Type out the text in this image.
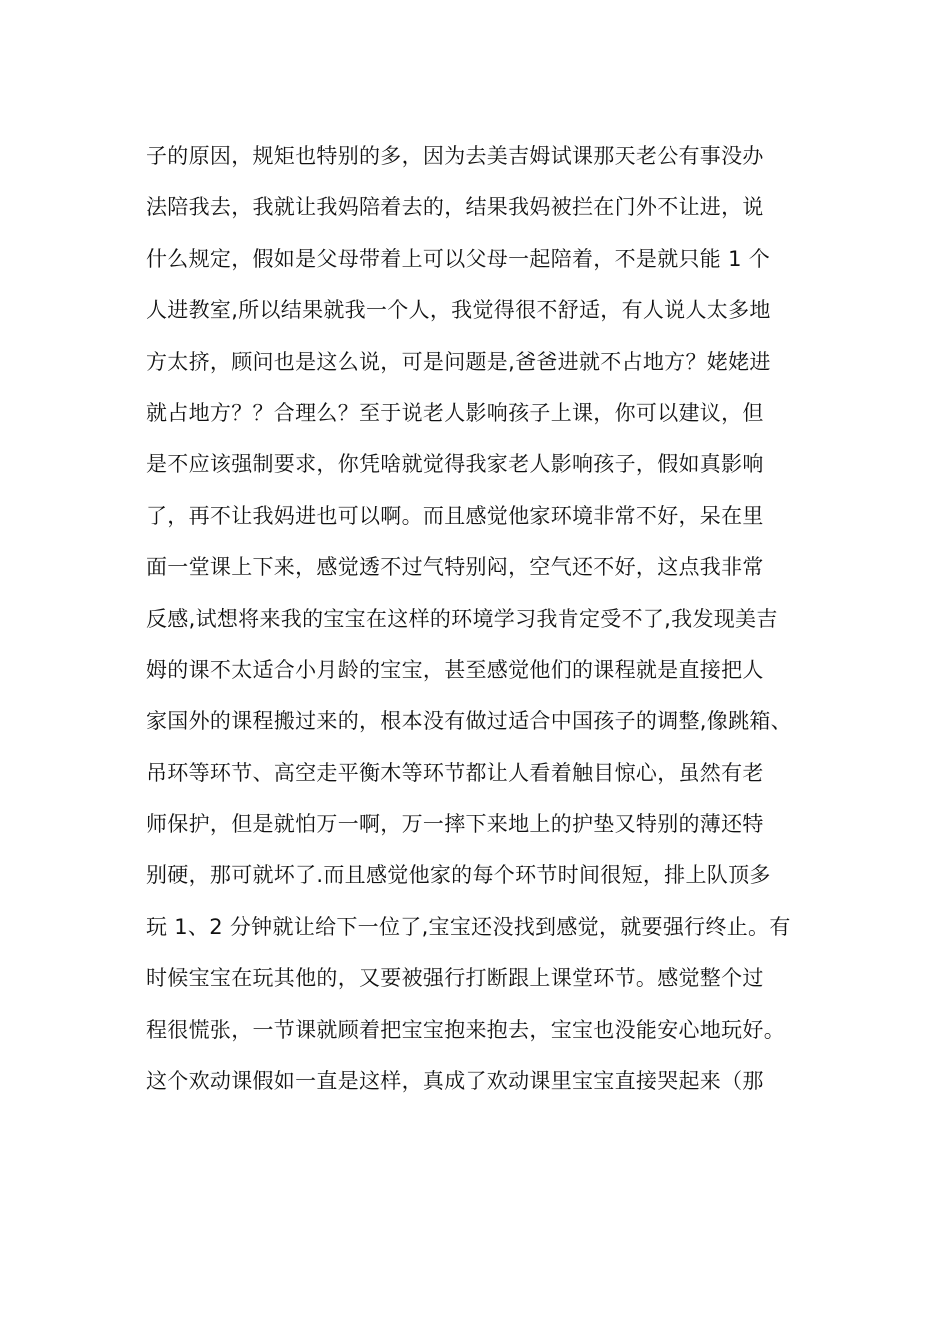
子的原因，规矩也特别的多，因为去美吉姆试课那天老公有事没办
法陪我去，我就让我妈陪着去的，结果我妈被拦在门外不让进，说
什么规定，假如是父母带着上可以父母一起陪着，不是就只能 1 个
人进教室,所以结果就我一个人，我觉得很不舒适，有人说人太多地
方太挤，顾问也是这么说，可是问题是,爸爸进就不占地方？姥姥进
就占地方？？合理么？至于说老人影响孩子上课，你可以建议，但
是不应该强制要求，你凭啥就觉得我家老人影响孩子，假如真影响
了，再不让我妈进也可以啊。而且感觉他家环境非常不好，呆在里
面一堂课上下来，感觉透不过气特别闷，空气还不好，这点我非常
反感,试想将来我的宝宝在这样的环境学习我肯定受不了,我发现美吉
姆的课不太适合小月龄的宝宝，甚至感觉他们的课程就是直接把人
家国外的课程搬过来的，根本没有做过适合中国孩子的调整,像跳箱、
吊环等环节、高空走平衡木等环节都让人看着触目惊心，虽然有老
师保护，但是就怕万一啊，万一摔下来地上的护垫又特别的薄还特
别硬，那可就坏了.而且感觉他家的每个环节时间很短，排上队顶多
玩 1、2 分钟就让给下一位了,宝宝还没找到感觉，就要强行终止。有
时候宝宝在玩其他的，又要被强行打断跟上课堂环节。感觉整个过
程很慌张，一节课就顾着把宝宝抱来抱去，宝宝也没能安心地玩好。
这个欢动课假如一直是这样，真成了欢动课里宝宝直接哭起来（那
